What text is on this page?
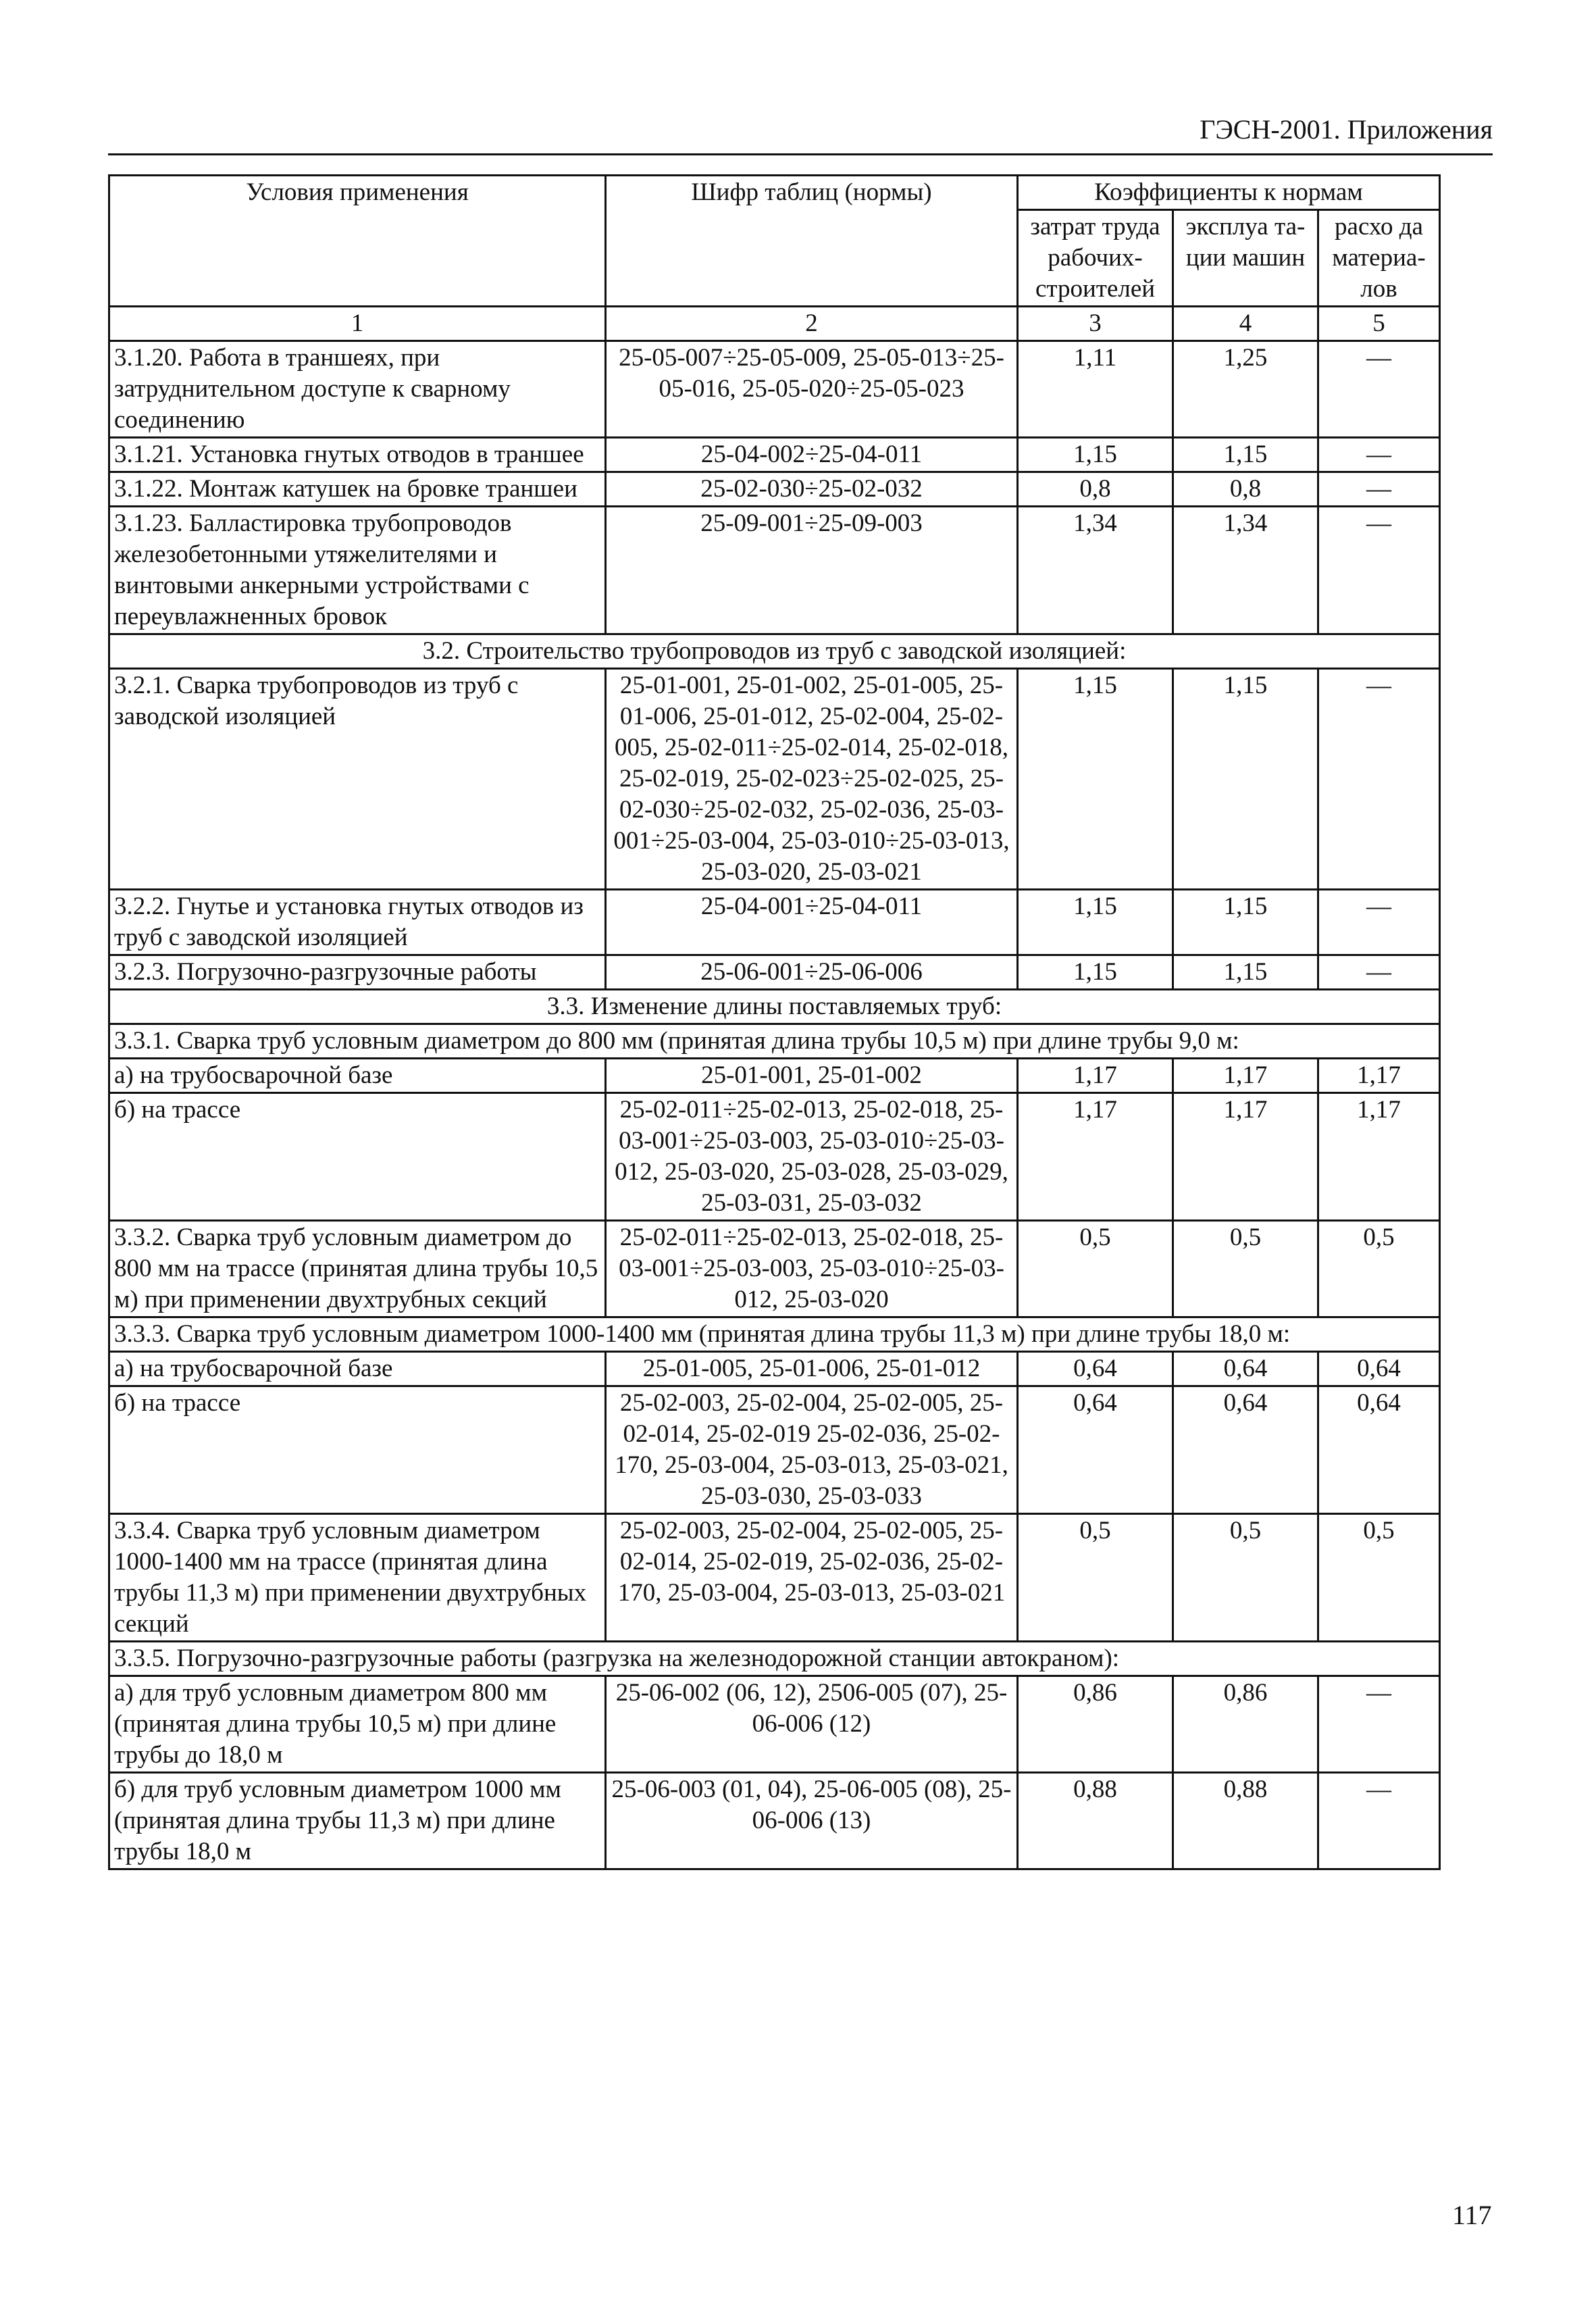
ГЭСН-2001. Приложения
Условия применения	Шифр таблиц (нормы)	Коэффициенты к нормам		
		затрат труда рабочих-строителей	эксплуа та-ции машин	расхо да материа-лов
1	2	3	4	5
3.1.20. Работа в траншеях, при затруднительном доступе к сварному соединению	25-05-007÷25-05-009, 25-05-013÷25-05-016, 25-05-020÷25-05-023	1,11	1,25	—
3.1.21. Установка гнутых отводов в траншее	25-04-002÷25-04-011	1,15	1,15	—
3.1.22. Монтаж катушек на бровке траншеи	25-02-030÷25-02-032	0,8	0,8	—
3.1.23. Балластировка трубопроводов железобетонными утяжелителями и винтовыми анкерными устройствами с переувлажненных бровок	25-09-001÷25-09-003	1,34	1,34	—
3.2. Строительство трубопроводов из труб с заводской изоляцией:				
3.2.1. Сварка трубопроводов из труб с заводской изоляцией	25-01-001, 25-01-002, 25-01-005, 25-01-006, 25-01-012, 25-02-004, 25-02-005, 25-02-011÷25-02-014, 25-02-018, 25-02-019, 25-02-023÷25-02-025, 25-02-030÷25-02-032, 25-02-036, 25-03-001÷25-03-004, 25-03-010÷25-03-013, 25-03-020, 25-03-021	1,15	1,15	—
3.2.2. Гнутье и установка гнутых отводов из труб с заводской изоляцией	25-04-001÷25-04-011	1,15	1,15	—
3.2.3. Погрузочно-разгрузочные работы	25-06-001÷25-06-006	1,15	1,15	—
3.3. Изменение длины поставляемых труб:				
3.3.1. Сварка труб условным диаметром до 800 мм (принятая длина трубы 10,5 м) при длине трубы 9,0 м:				
а) на трубосварочной базе	25-01-001, 25-01-002	1,17	1,17	1,17
б) на трассе	25-02-011÷25-02-013, 25-02-018, 25-03-001÷25-03-003, 25-03-010÷25-03-012, 25-03-020, 25-03-028, 25-03-029, 25-03-031, 25-03-032	1,17	1,17	1,17
3.3.2. Сварка труб условным диаметром до 800 мм на трассе (принятая длина трубы 10,5 м) при применении двухтрубных секций	25-02-011÷25-02-013, 25-02-018, 25-03-001÷25-03-003, 25-03-010÷25-03-012, 25-03-020	0,5	0,5	0,5
3.3.3. Сварка труб условным диаметром 1000-1400 мм (принятая длина трубы 11,3 м) при длине трубы 18,0 м:				
а) на трубосварочной базе	25-01-005, 25-01-006, 25-01-012	0,64	0,64	0,64
б) на трассе	25-02-003, 25-02-004, 25-02-005, 25-02-014, 25-02-019 25-02-036, 25-02-170, 25-03-004, 25-03-013, 25-03-021, 25-03-030, 25-03-033	0,64	0,64	0,64
3.3.4. Сварка труб условным диаметром 1000-1400 мм на трассе (принятая длина трубы 11,3 м) при применении двухтрубных секций	25-02-003, 25-02-004, 25-02-005, 25-02-014, 25-02-019, 25-02-036, 25-02-170, 25-03-004, 25-03-013, 25-03-021	0,5	0,5	0,5
3.3.5. Погрузочно-разгрузочные работы (разгрузка на железнодорожной станции автокраном):				
а) для труб условным диаметром 800 мм (принятая длина трубы 10,5 м) при длине трубы до 18,0 м	25-06-002 (06, 12), 2506-005 (07), 25-06-006 (12)	0,86	0,86	—
б) для труб условным диаметром 1000 мм (принятая длина трубы 11,3 м) при длине трубы 18,0 м	25-06-003 (01, 04), 25-06-005 (08), 25-06-006 (13)	0,88	0,88	—
117
